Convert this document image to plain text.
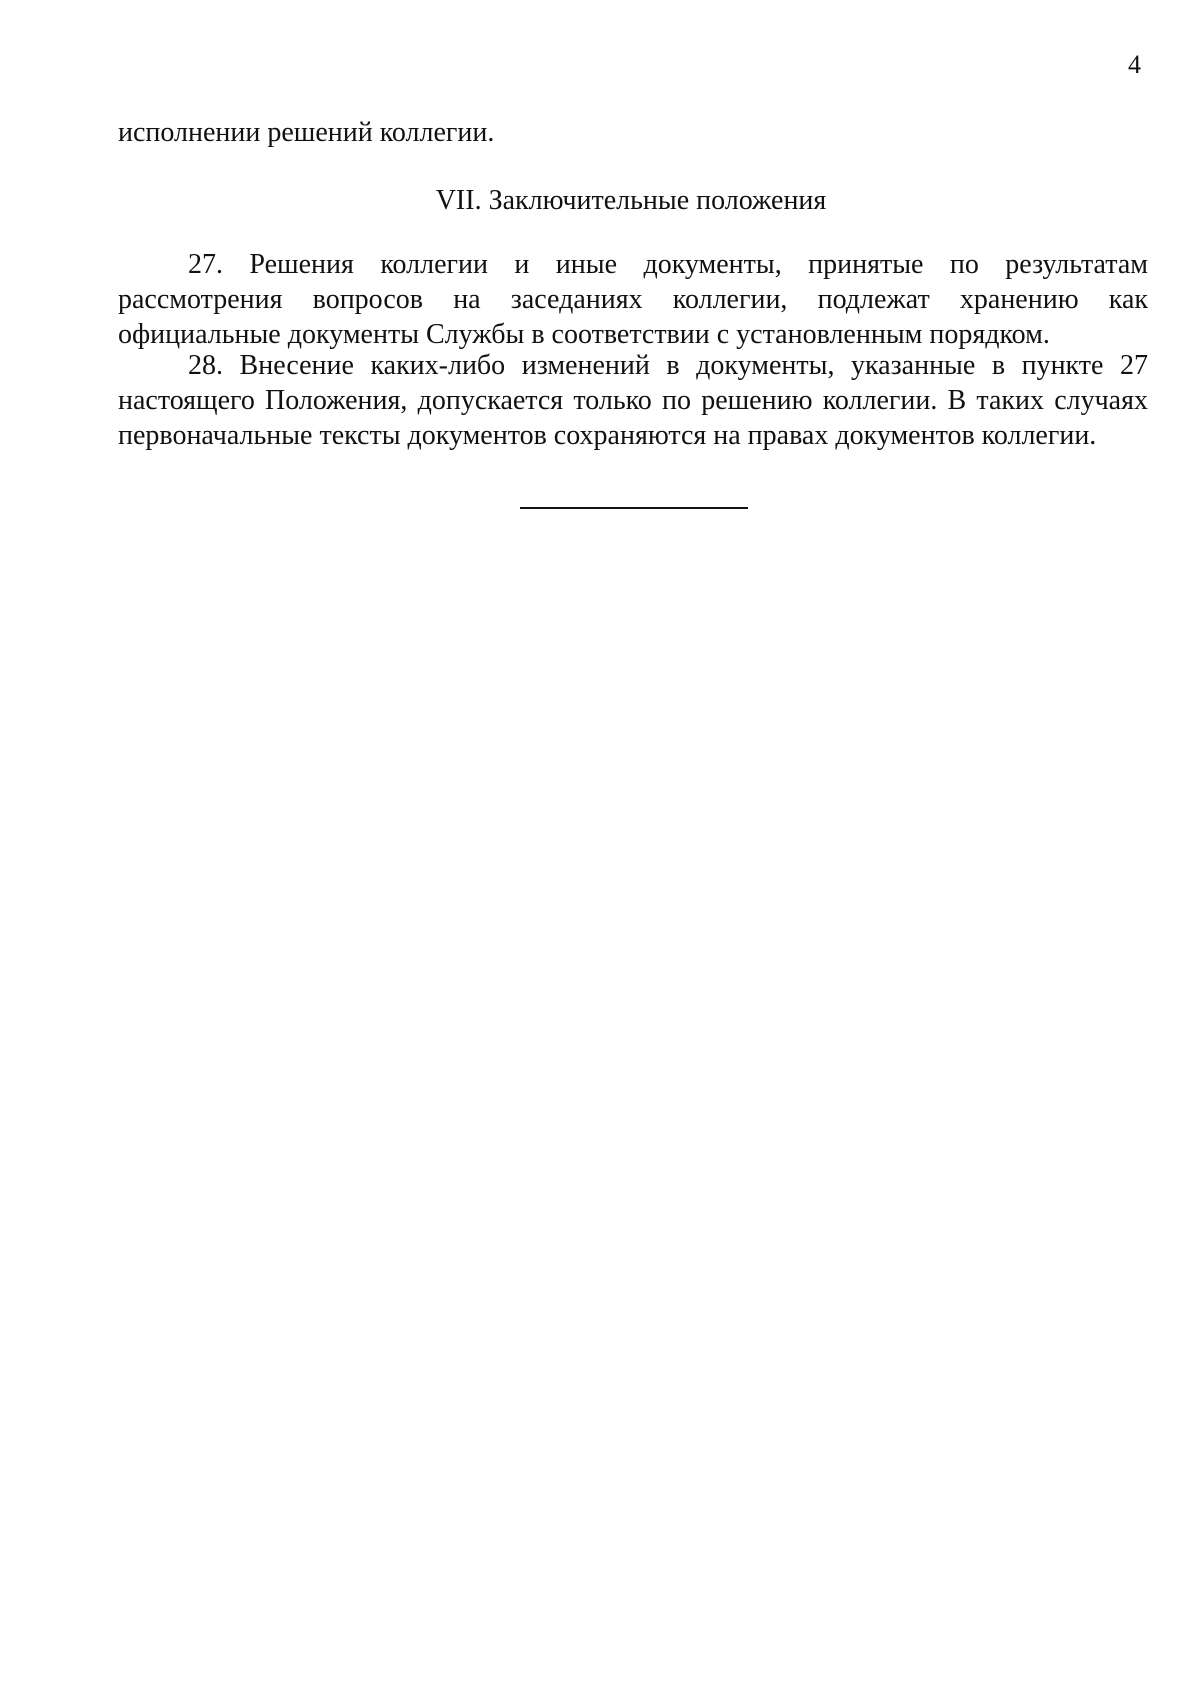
4
исполнении решений коллегии.
VII. Заключительные положения

27. Решения коллегии и иные документы, принятые по результатам рассмотрения вопросов на заседаниях коллегии, подлежат хранению как официальные документы Службы в соответствии с установленным порядком.

28. Внесение каких-либо изменений в документы, указанные в пункте 27 настоящего Положения, допускается только по решению коллегии. В таких случаях первоначальные тексты документов сохраняются на правах документов коллегии.
